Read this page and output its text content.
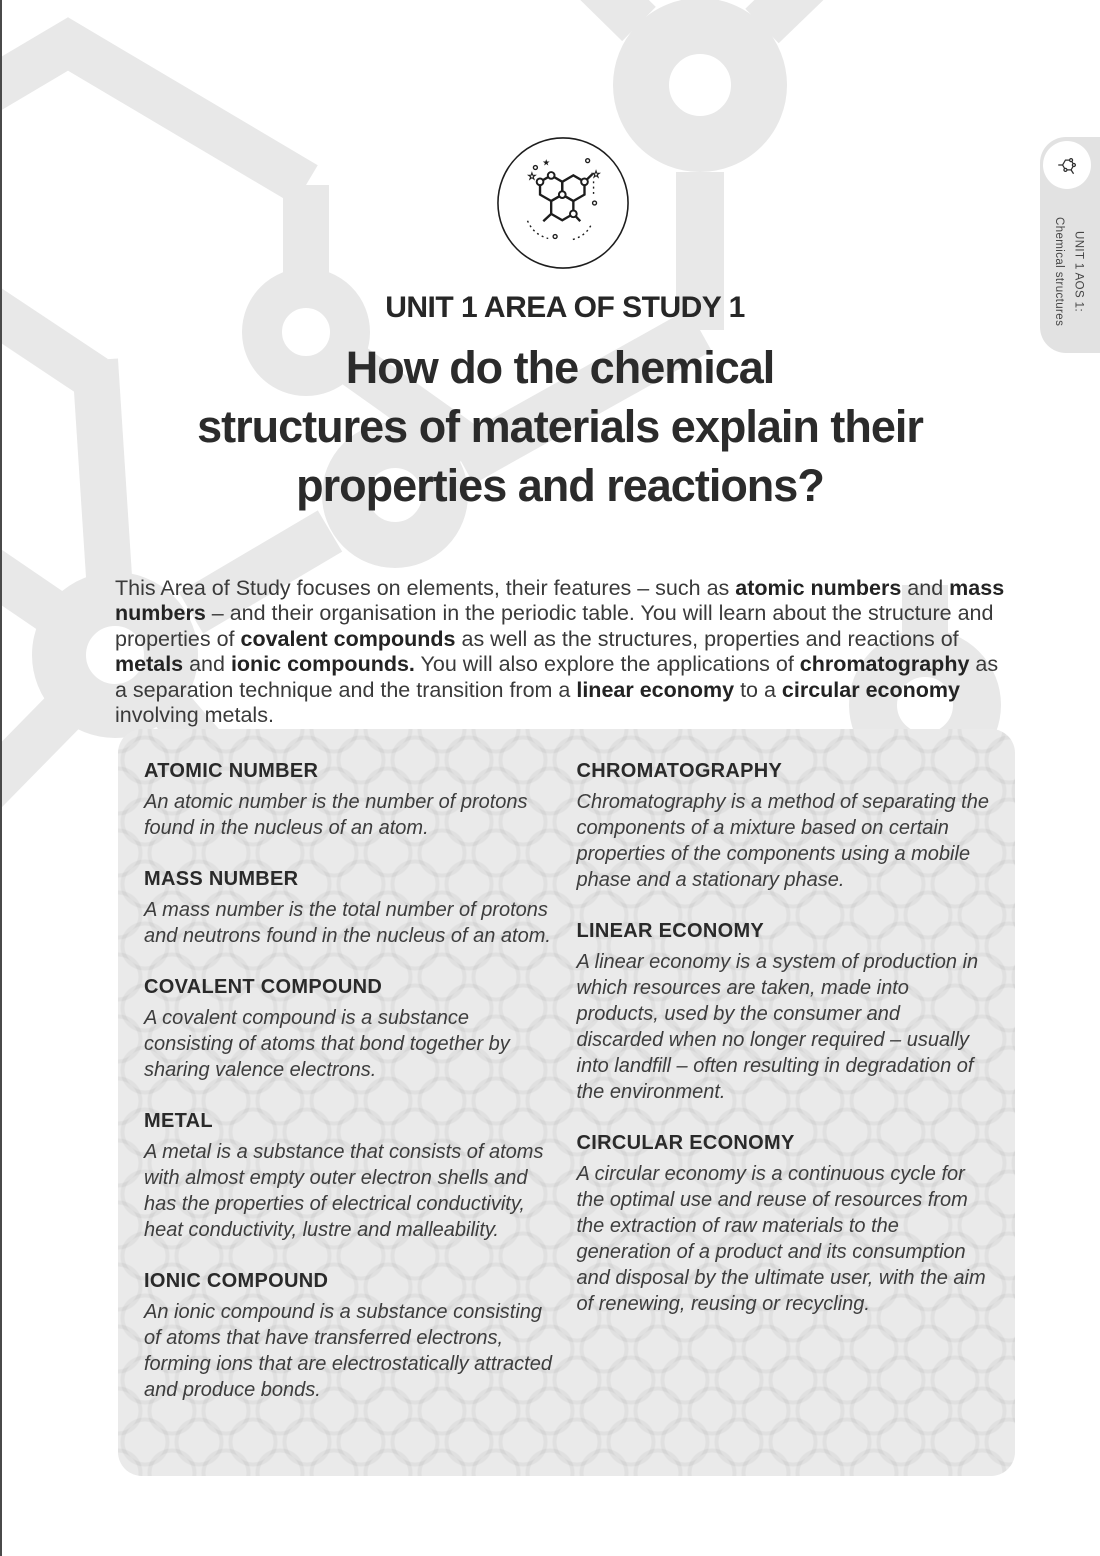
★
☆	☆
UNIT 1 AREA OF STUDY 1
How do the chemical
structures of materials explain their
properties and reactions?

This Area of Study focuses on elements, their features – such as atomic numbers and mass numbers – and their organisation in the periodic table. You will learn about the structure and properties of covalent compounds as well as the structures, properties and reactions of metals and ionic compounds. You will also explore the applications of chromatography as a separation technique and the transition from a linear economy to a circular economy involving metals.

ATOMIC NUMBER

An atomic number is the number of protons found in the nucleus of an atom.

MASS NUMBER

A mass number is the total number of protons and neutrons found in the nucleus of an atom.

COVALENT COMPOUND

A covalent compound is a substance consisting of atoms that bond together by sharing valence electrons.

METAL

A metal is a substance that consists of atoms with almost empty outer electron shells and has the properties of electrical conductivity, heat conductivity, lustre and malleability.

IONIC COMPOUND

An ionic compound is a substance consisting of atoms that have transferred electrons, forming ions that are electrostatically attracted and produce bonds.

CHROMATOGRAPHY

Chromatography is a method of separating the components of a mixture based on certain properties of the components using a mobile phase and a stationary phase.

LINEAR ECONOMY

A linear economy is a system of production in which resources are taken, made into products, used by the consumer and discarded when no longer required – usually into landfill – often resulting in degradation of the environment.

CIRCULAR ECONOMY

A circular economy is a continuous cycle for the optimal use and reuse of resources from the extraction of raw materials to the generation of a product and its consumption and disposal by the ultimate user, with the aim of renewing, reusing or recycling.

UNIT 1 AOS 1:
Chemical structures
